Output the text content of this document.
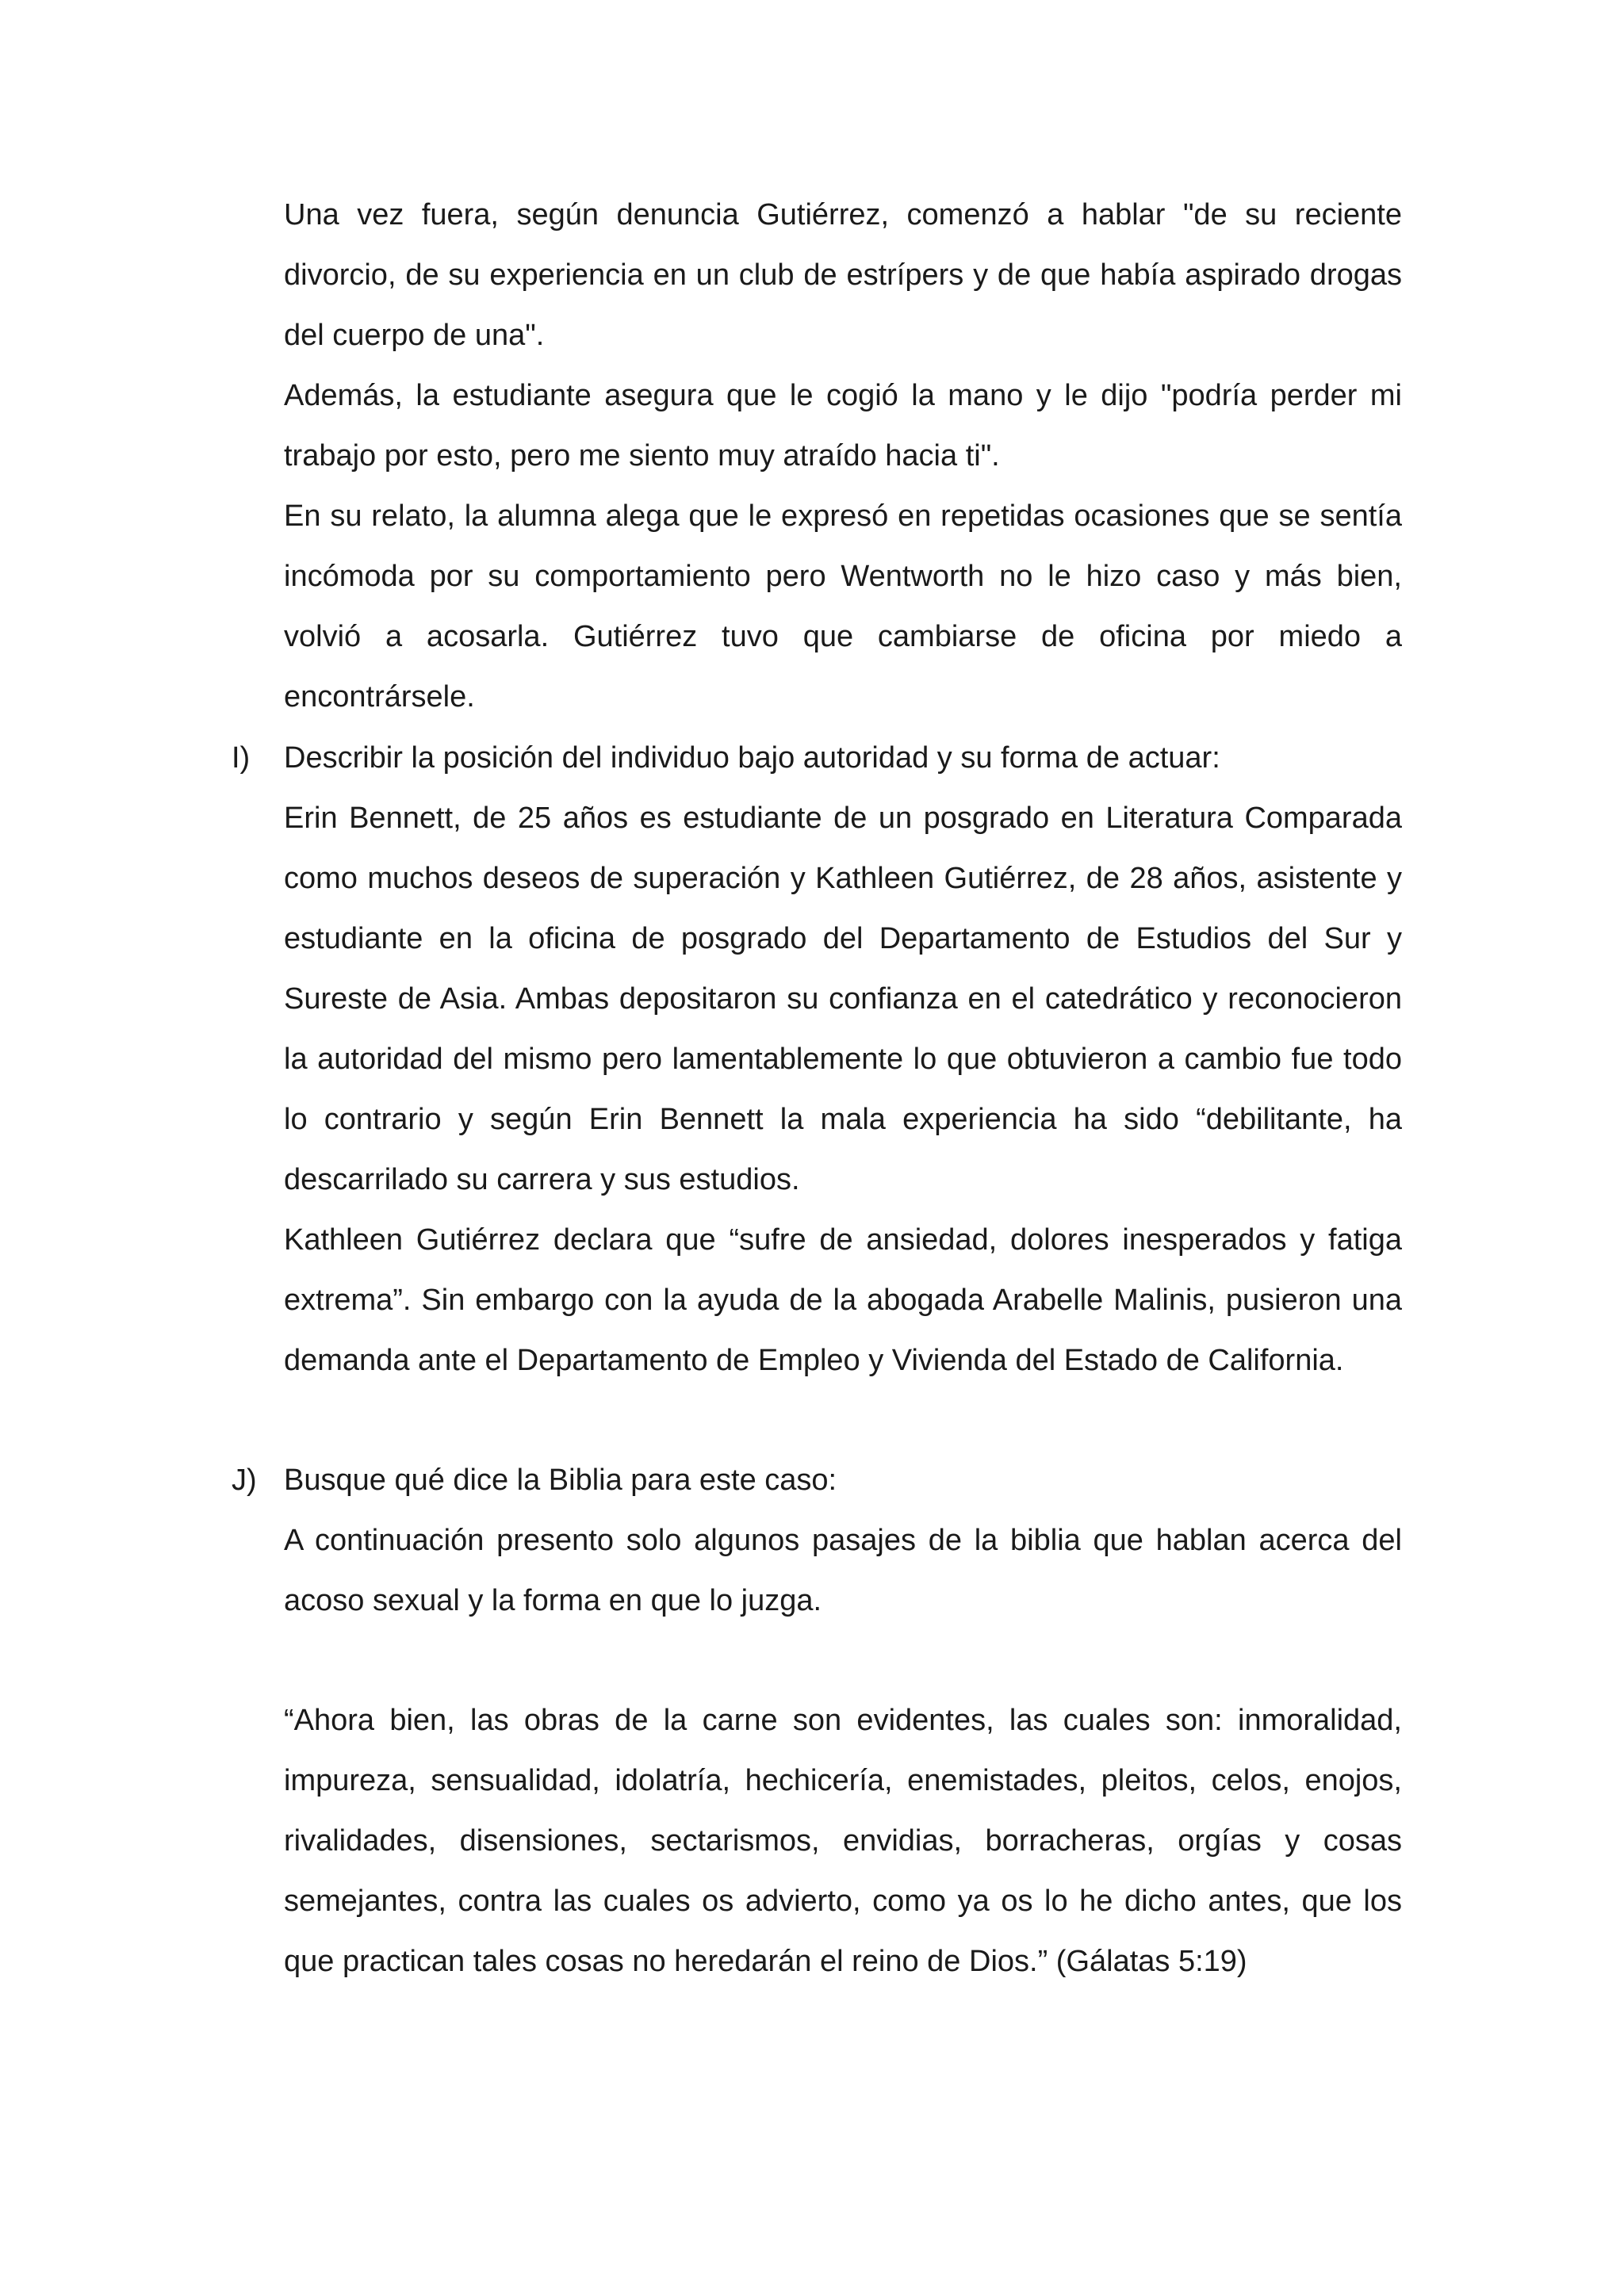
Una vez fuera, según denuncia Gutiérrez, comenzó a hablar "de su reciente divorcio, de su experiencia en un club de estrípers y de que había aspirado drogas del cuerpo de una".

Además, la estudiante asegura que le cogió la mano y le dijo "podría perder mi trabajo por esto, pero me siento muy atraído hacia ti".

En su relato, la alumna alega que le expresó en repetidas ocasiones que se sentía incómoda por su comportamiento pero Wentworth no le hizo caso y más bien, volvió a acosarla. Gutiérrez tuvo que cambiarse de oficina por miedo a encontrársele.

I) Describir la posición del individuo bajo autoridad y su forma de actuar:

Erin Bennett, de 25 años es estudiante de un posgrado en Literatura Comparada como muchos deseos de superación y Kathleen Gutiérrez, de 28 años, asistente y estudiante en la oficina de posgrado del Departamento de Estudios del Sur y Sureste de Asia. Ambas depositaron su confianza en el catedrático y reconocieron la autoridad del mismo pero lamentablemente lo que obtuvieron a cambio fue todo lo contrario y según Erin Bennett la mala experiencia ha sido “debilitante, ha descarrilado su carrera y sus estudios.

Kathleen Gutiérrez declara que “sufre de ansiedad, dolores inesperados y fatiga extrema”. Sin embargo con la ayuda de la abogada Arabelle Malinis, pusieron una demanda ante el Departamento de Empleo y Vivienda del Estado de California.

J) Busque qué dice la Biblia para este caso:

A continuación presento solo algunos pasajes de la biblia que hablan acerca del acoso sexual y la forma en que lo juzga.

“Ahora bien, las obras de la carne son evidentes, las cuales son: inmoralidad, impureza, sensualidad, idolatría, hechicería, enemistades, pleitos, celos, enojos, rivalidades, disensiones, sectarismos, envidias, borracheras, orgías y cosas semejantes, contra las cuales os advierto, como ya os lo he dicho antes, que los que practican tales cosas no heredarán el reino de Dios.” (Gálatas 5:19)
